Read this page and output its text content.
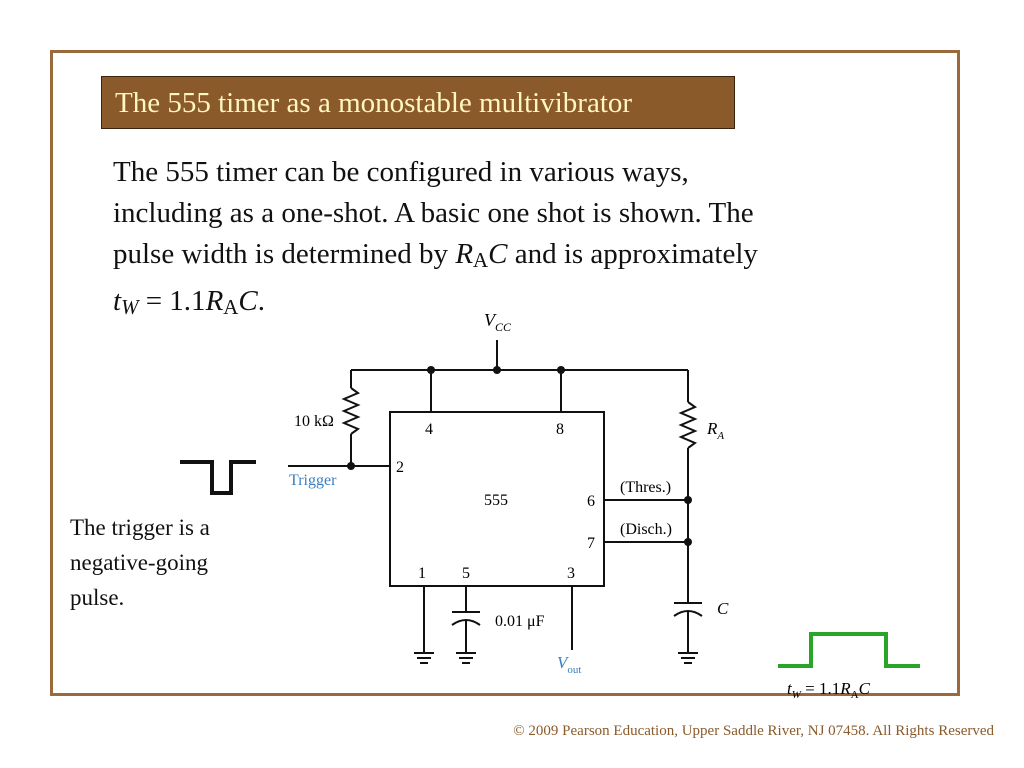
The 555 timer as a monostable multivibrator
The 555 timer can be configured in various ways,
including as a one-shot. A basic one shot is shown. The
pulse width is determined by RAC and is approximately
tW = 1.1RAC.
The trigger is a negative-going pulse.
$V_{CC}$
10 kΩ
Trigger
555
4	8
2
6
7
1 5	3
(Thres.)
(Disch.)
$R_A$
C
0.01 μF
$V_{out}$
$t_W = 1.1R_AC$
© 2009 Pearson Education, Upper Saddle River, NJ 07458. All Rights Reserved
